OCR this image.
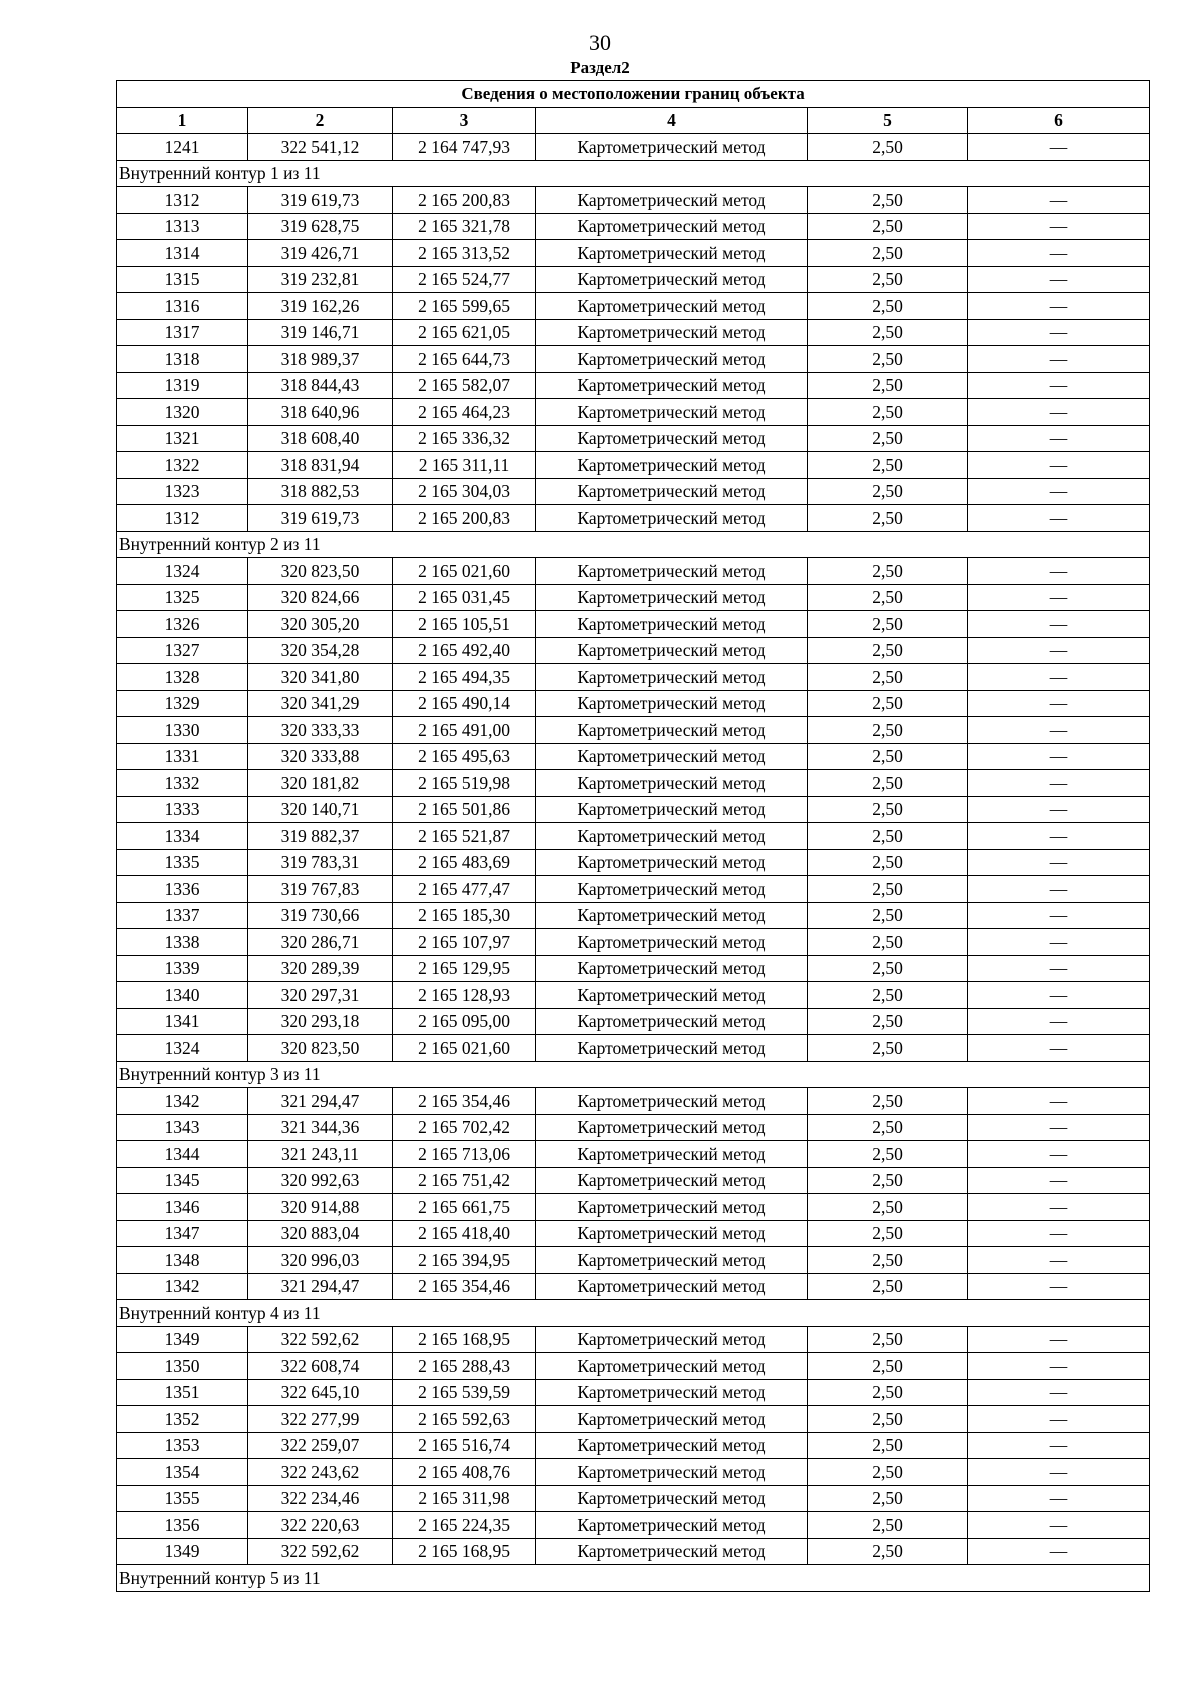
30
Раздел2
Сведения о местоположении границ объекта					
1	2	3	4	5	6
1241	322 541,12	2 164 747,93	Картометрический метод	2,50	—
Внутренний контур 1 из 11					
1312	319 619,73	2 165 200,83	Картометрический метод	2,50	—
1313	319 628,75	2 165 321,78	Картометрический метод	2,50	—
1314	319 426,71	2 165 313,52	Картометрический метод	2,50	—
1315	319 232,81	2 165 524,77	Картометрический метод	2,50	—
1316	319 162,26	2 165 599,65	Картометрический метод	2,50	—
1317	319 146,71	2 165 621,05	Картометрический метод	2,50	—
1318	318 989,37	2 165 644,73	Картометрический метод	2,50	—
1319	318 844,43	2 165 582,07	Картометрический метод	2,50	—
1320	318 640,96	2 165 464,23	Картометрический метод	2,50	—
1321	318 608,40	2 165 336,32	Картометрический метод	2,50	—
1322	318 831,94	2 165 311,11	Картометрический метод	2,50	—
1323	318 882,53	2 165 304,03	Картометрический метод	2,50	—
1312	319 619,73	2 165 200,83	Картометрический метод	2,50	—
Внутренний контур 2 из 11					
1324	320 823,50	2 165 021,60	Картометрический метод	2,50	—
1325	320 824,66	2 165 031,45	Картометрический метод	2,50	—
1326	320 305,20	2 165 105,51	Картометрический метод	2,50	—
1327	320 354,28	2 165 492,40	Картометрический метод	2,50	—
1328	320 341,80	2 165 494,35	Картометрический метод	2,50	—
1329	320 341,29	2 165 490,14	Картометрический метод	2,50	—
1330	320 333,33	2 165 491,00	Картометрический метод	2,50	—
1331	320 333,88	2 165 495,63	Картометрический метод	2,50	—
1332	320 181,82	2 165 519,98	Картометрический метод	2,50	—
1333	320 140,71	2 165 501,86	Картометрический метод	2,50	—
1334	319 882,37	2 165 521,87	Картометрический метод	2,50	—
1335	319 783,31	2 165 483,69	Картометрический метод	2,50	—
1336	319 767,83	2 165 477,47	Картометрический метод	2,50	—
1337	319 730,66	2 165 185,30	Картометрический метод	2,50	—
1338	320 286,71	2 165 107,97	Картометрический метод	2,50	—
1339	320 289,39	2 165 129,95	Картометрический метод	2,50	—
1340	320 297,31	2 165 128,93	Картометрический метод	2,50	—
1341	320 293,18	2 165 095,00	Картометрический метод	2,50	—
1324	320 823,50	2 165 021,60	Картометрический метод	2,50	—
Внутренний контур 3 из 11					
1342	321 294,47	2 165 354,46	Картометрический метод	2,50	—
1343	321 344,36	2 165 702,42	Картометрический метод	2,50	—
1344	321 243,11	2 165 713,06	Картометрический метод	2,50	—
1345	320 992,63	2 165 751,42	Картометрический метод	2,50	—
1346	320 914,88	2 165 661,75	Картометрический метод	2,50	—
1347	320 883,04	2 165 418,40	Картометрический метод	2,50	—
1348	320 996,03	2 165 394,95	Картометрический метод	2,50	—
1342	321 294,47	2 165 354,46	Картометрический метод	2,50	—
Внутренний контур 4 из 11					
1349	322 592,62	2 165 168,95	Картометрический метод	2,50	—
1350	322 608,74	2 165 288,43	Картометрический метод	2,50	—
1351	322 645,10	2 165 539,59	Картометрический метод	2,50	—
1352	322 277,99	2 165 592,63	Картометрический метод	2,50	—
1353	322 259,07	2 165 516,74	Картометрический метод	2,50	—
1354	322 243,62	2 165 408,76	Картометрический метод	2,50	—
1355	322 234,46	2 165 311,98	Картометрический метод	2,50	—
1356	322 220,63	2 165 224,35	Картометрический метод	2,50	—
1349	322 592,62	2 165 168,95	Картометрический метод	2,50	—
Внутренний контур 5 из 11					
